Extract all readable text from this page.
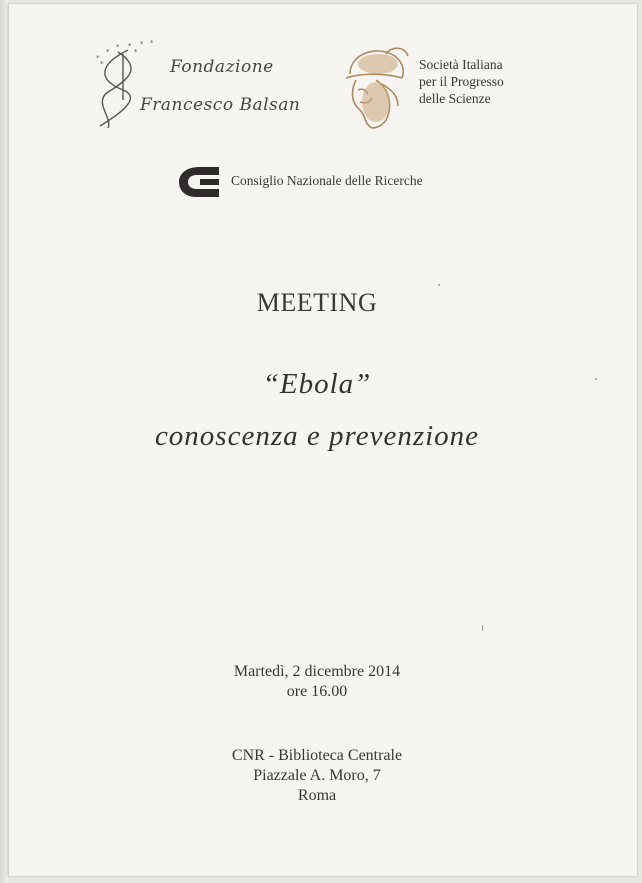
*
*
* * * *
*
*
Fondazione
Francesco Balsan
Società Italiana
per il Progresso
delle Scienze
Consiglio Nazionale delle Ricerche
MEETING
“Ebola”
conoscenza e prevenzione
Martedì, 2 dicembre 2014
ore 16.00
CNR - Biblioteca Centrale
Piazzale A. Moro, 7
Roma
